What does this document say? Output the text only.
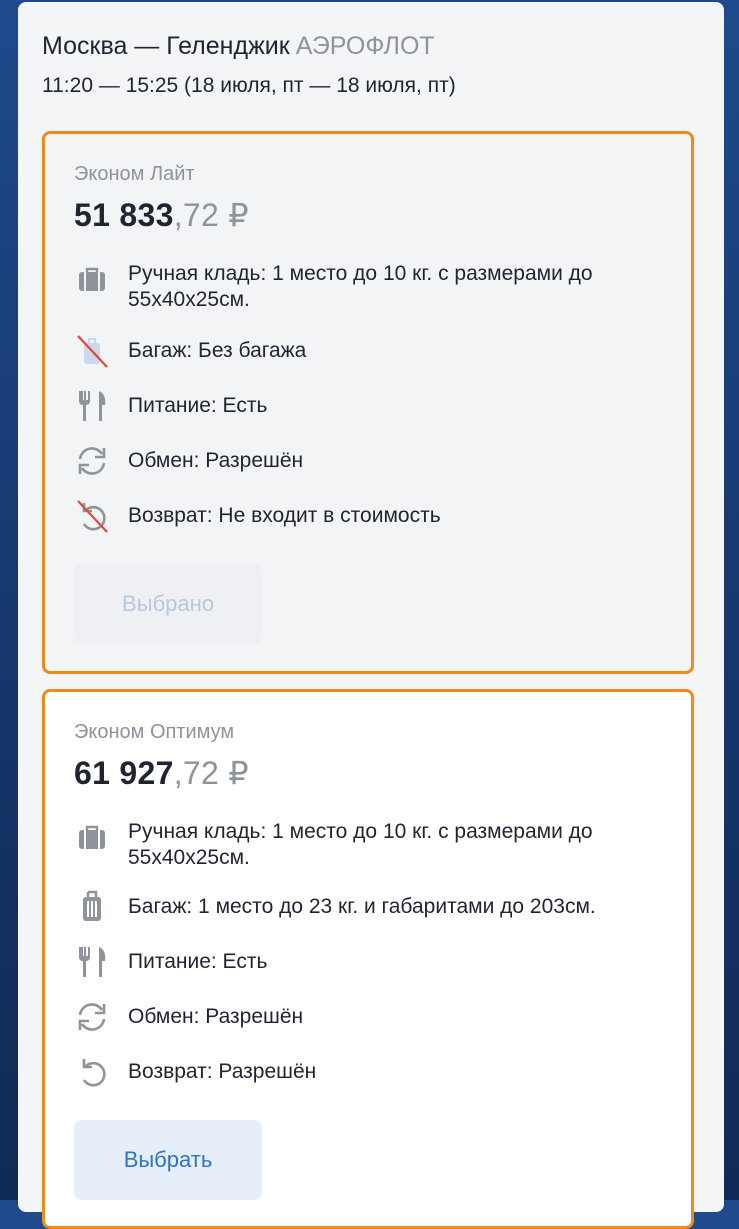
Москва — Геленджик АЭРОФЛОТ
11:20 — 15:25 (18 июля, пт — 18 июля, пт)
Эконом Лайт
51 833,72 ₽
Ручная кладь: 1 место до 10 кг. с размерами до 55х40х25см.
Багаж: Без багажа
Питание: Есть
Обмен: Разрешён
Возврат: Не входит в стоимость
Выбрано
Эконом Оптимум
61 927,72 ₽
Ручная кладь: 1 место до 10 кг. с размерами до 55х40х25см.
Багаж: 1 место до 23 кг. и габаритами до 203см.
Питание: Есть
Обмен: Разрешён
Возврат: Разрешён
Выбрать
